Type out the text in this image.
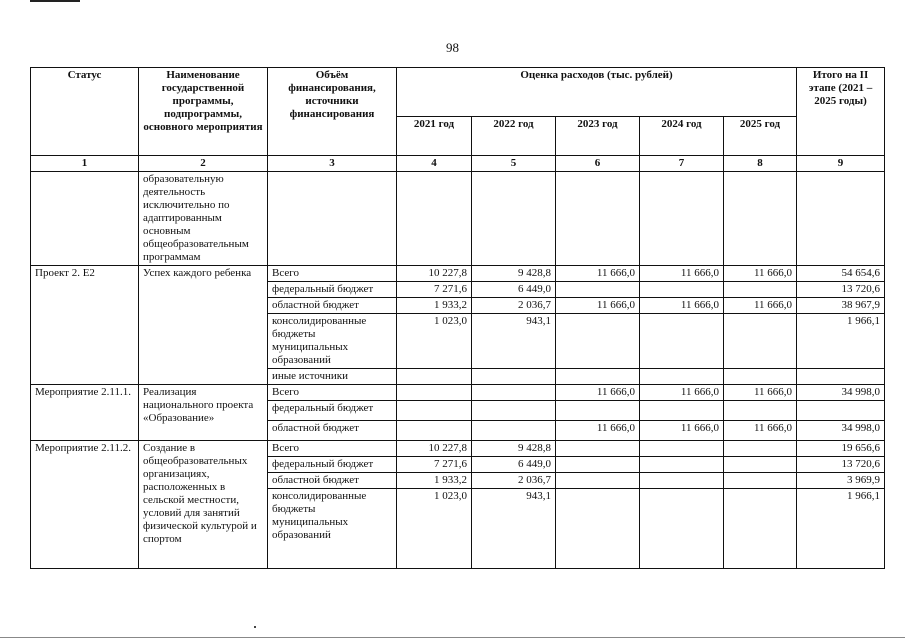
98
Статус	Наименование государственной программы, подпрограммы, основного мероприятия	Объём финансирования, источники финансирования	Оценка расходов (тыс. рублей)					Итого на II этапе (2021 – 2025 годы)
			2021 год	2022 год	2023 год	2024 год	2025 год	
1	2	3	4	5	6	7	8	9
	образовательную деятельность исключительно по адаптированным основным общеобразовательным программам							
Проект 2. Е2	Успех каждого ребенка	Всего	10 227,8	9 428,8	11 666,0	11 666,0	11 666,0	54 654,6
		федеральный бюджет	7 271,6	6 449,0				13 720,6
		областной бюджет	1 933,2	2 036,7	11 666,0	11 666,0	11 666,0	38 967,9
		консолидированные бюджеты муниципальных образований	1 023,0	943,1				1 966,1
		иные источники						
Мероприятие 2.11.1.	Реализация национального проекта «Образование»	Всего			11 666,0	11 666,0	11 666,0	34 998,0
		федеральный бюджет						
		областной бюджет			11 666,0	11 666,0	11 666,0	34 998,0
Мероприятие 2.11.2.	Создание в общеобразовательных организациях, расположенных в сельской местности, условий для занятий физической культурой и спортом	Всего	10 227,8	9 428,8				19 656,6
		федеральный бюджет	7 271,6	6 449,0				13 720,6
		областной бюджет	1 933,2	2 036,7				3 969,9
		консолидированные бюджеты муниципальных образований	1 023,0	943,1				1 966,1
